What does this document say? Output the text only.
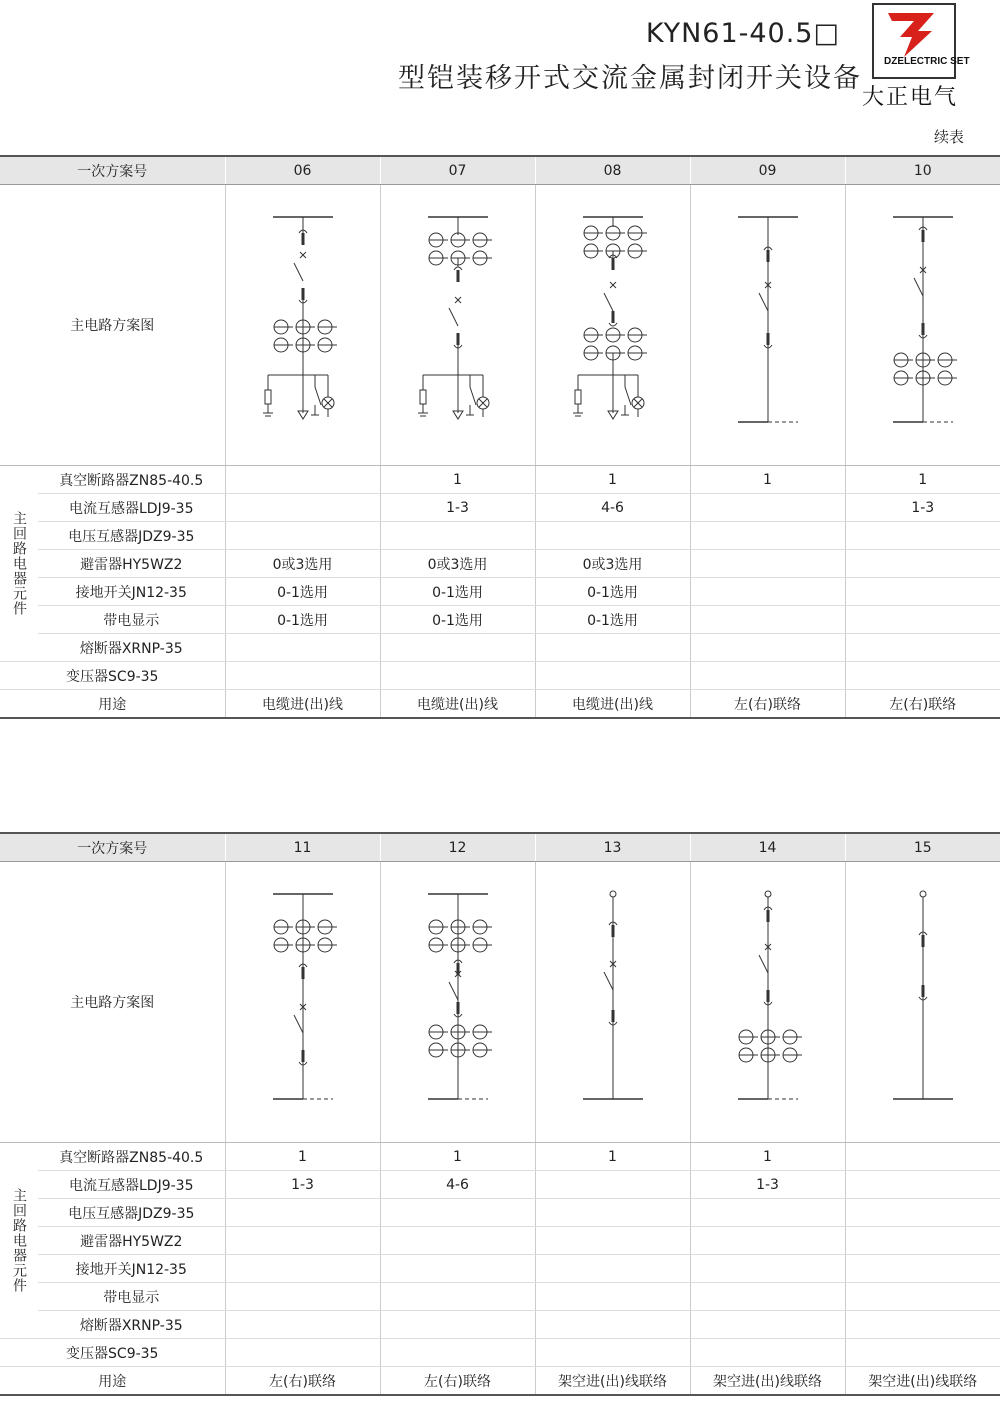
KYN61-40.5□
型铠装移开式交流金属封闭开关设备
DZELECTRIC SET
大正电气
续表
一次方案号		06	07	08	09	10
主电路方案图	

主回路电器元件	真空断路器ZN85-40.5		1	1	1	1
	电流互感器LDJ9-35		1-3	4-6		1-3
	电压互感器JDZ9-35					
	避雷器HY5WZ2	0或3选用	0或3选用	0或3选用		
	接地开关JN12-35	0-1选用	0-1选用	0-1选用		
	带电显示	0-1选用	0-1选用	0-1选用		
	熔断器XRNP-35					
变压器SC9-35						
用途		电缆进(出)线	电缆进(出)线	电缆进(出)线	左(右)联络	左(右)联络
一次方案号		11	12	13	14	15
主电路方案图	

主回路电器元件	真空断路器ZN85-40.5	1	1	1	1	
	电流互感器LDJ9-35	1-3	4-6		1-3	
	电压互感器JDZ9-35					
	避雷器HY5WZ2					
	接地开关JN12-35					
	带电显示					
	熔断器XRNP-35					
变压器SC9-35						
用途		左(右)联络	左(右)联络	架空进(出)线联络	架空进(出)线联络	架空进(出)线联络
